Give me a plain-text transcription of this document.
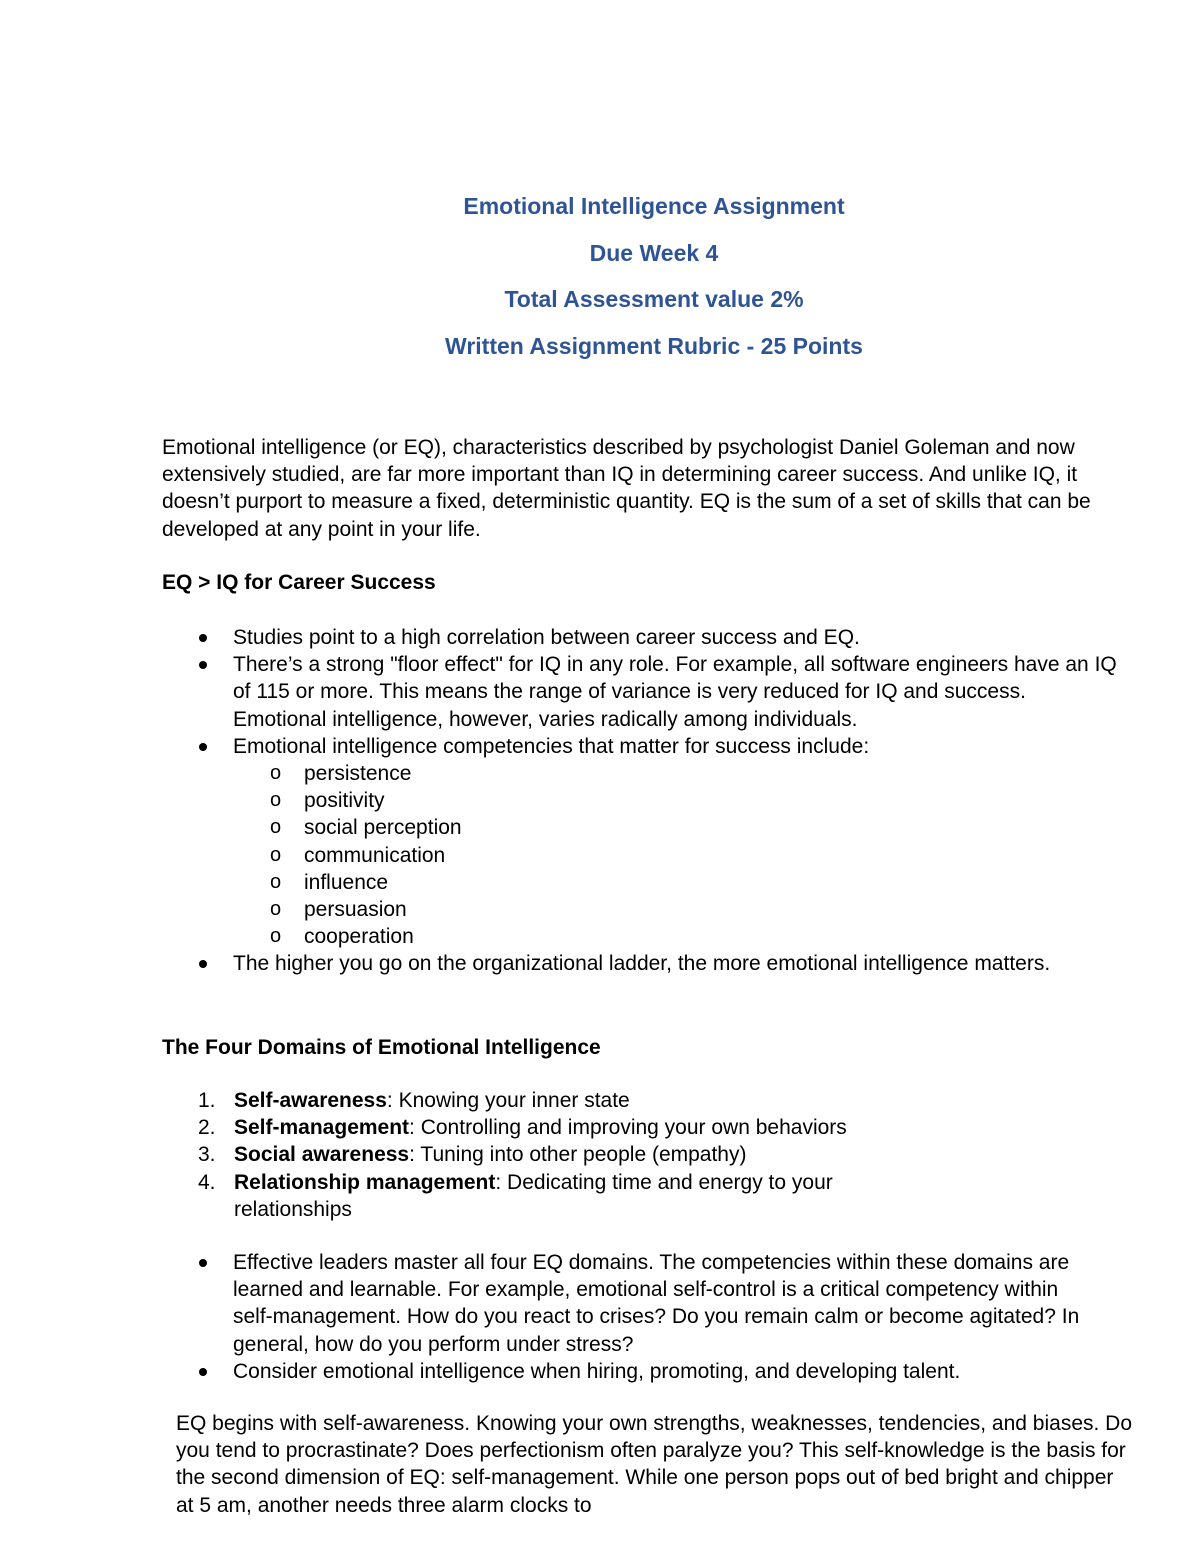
Emotional Intelligence Assignment
Due Week 4
Total Assessment value 2%
Written Assignment Rubric - 25 Points

Emotional intelligence (or EQ), characteristics described by psychologist Daniel Goleman and now extensively studied, are far more important than IQ in determining career success. And unlike IQ, it doesn’t purport to measure a fixed, deterministic quantity. EQ is the sum of a set of skills that can be developed at any point in your life.

EQ > IQ for Career Success

Studies point to a high correlation between career success and EQ.
There’s a strong "floor effect" for IQ in any role. For example, all software engineers have an IQ of 115 or more. This means the range of variance is very reduced for IQ and success. Emotional intelligence, however, varies radically among individuals.
Emotional intelligence competencies that matter for success include:
o persistence
o positivity
o social perception
o communication
o influence
o persuasion
o cooperation
The higher you go on the organizational ladder, the more emotional intelligence matters.

The Four Domains of Emotional Intelligence

1. Self-awareness: Knowing your inner state
2. Self-management: Controlling and improving your own behaviors
3. Social awareness: Tuning into other people (empathy)
4. Relationship management: Dedicating time and energy to your relationships
Effective leaders master all four EQ domains. The competencies within these domains are learned and learnable. For example, emotional self-control is a critical competency within self-management. How do you react to crises? Do you remain calm or become agitated? In general, how do you perform under stress?
Consider emotional intelligence when hiring, promoting, and developing talent.

EQ begins with self-awareness. Knowing your own strengths, weaknesses, tendencies, and biases. Do you tend to procrastinate? Does perfectionism often paralyze you? This self-knowledge is the basis for the second dimension of EQ: self-management. While one person pops out of bed bright and chipper at 5 am, another needs three alarm clocks to
